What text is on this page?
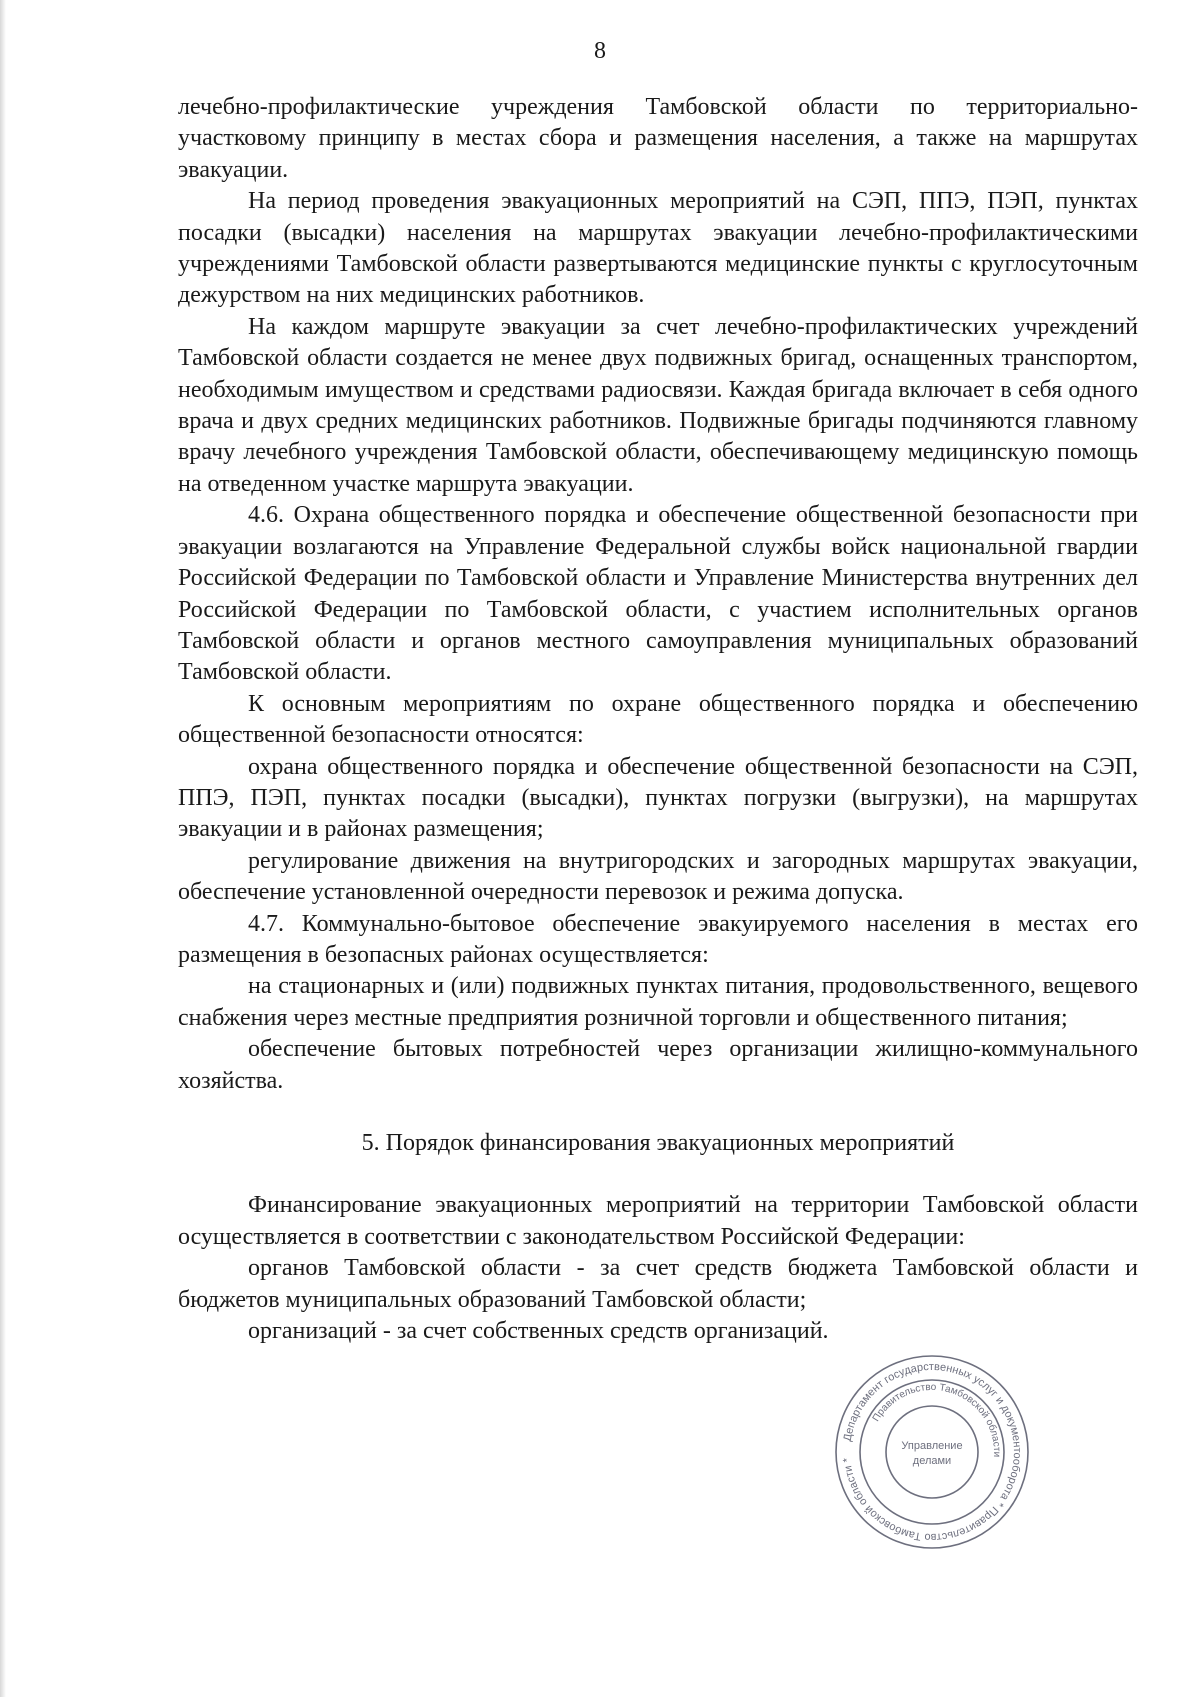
8

лечебно-профилактические учреждения Тамбовской области по территориально-участковому принципу в местах сбора и размещения населения, а также на маршрутах эвакуации.

На период проведения эвакуационных мероприятий на СЭП, ППЭ, ПЭП, пунктах посадки (высадки) населения на маршрутах эвакуации лечебно-профилактическими учреждениями Тамбовской области развертываются медицинские пункты с круглосуточным дежурством на них медицинских работников.

На каждом маршруте эвакуации за счет лечебно-профилактических учреждений Тамбовской области создается не менее двух подвижных бригад, оснащенных транспортом, необходимым имуществом и средствами радиосвязи. Каждая бригада включает в себя одного врача и двух средних медицинских работников. Подвижные бригады подчиняются главному врачу лечебного учреждения Тамбовской области, обеспечивающему медицинскую помощь на отведенном участке маршрута эвакуации.

4.6. Охрана общественного порядка и обеспечение общественной безопасности при эвакуации возлагаются на Управление Федеральной службы войск национальной гвардии Российской Федерации по Тамбовской области и Управление Министерства внутренних дел Российской Федерации по Тамбовской области, с участием исполнительных органов Тамбовской области и органов местного самоуправления муниципальных образований Тамбовской области.

К основным мероприятиям по охране общественного порядка и обеспечению общественной безопасности относятся:

охрана общественного порядка и обеспечение общественной безопасности на СЭП, ППЭ, ПЭП, пунктах посадки (высадки), пунктах погрузки (выгрузки), на маршрутах эвакуации и в районах размещения;

регулирование движения на внутригородских и загородных маршрутах эвакуации, обеспечение установленной очередности перевозок и режима допуска.

4.7. Коммунально-бытовое обеспечение эвакуируемого населения в местах его размещения в безопасных районах осуществляется:

на стационарных и (или) подвижных пунктах питания, продовольственного, вещевого снабжения через местные предприятия розничной торговли и общественного питания;

обеспечение бытовых потребностей через организации жилищно-коммунального хозяйства.

5. Порядок финансирования эвакуационных мероприятий

Финансирование эвакуационных мероприятий на территории Тамбовской области осуществляется в соответствии с законодательством Российской Федерации:

органов Тамбовской области - за счет средств бюджета Тамбовской области и бюджетов муниципальных образований Тамбовской области;

организаций - за счет собственных средств организаций.

Департамент государственных услуг и документооборота * Правительство Тамбовской области *
Правительство Тамбовской области
Управление
делами
